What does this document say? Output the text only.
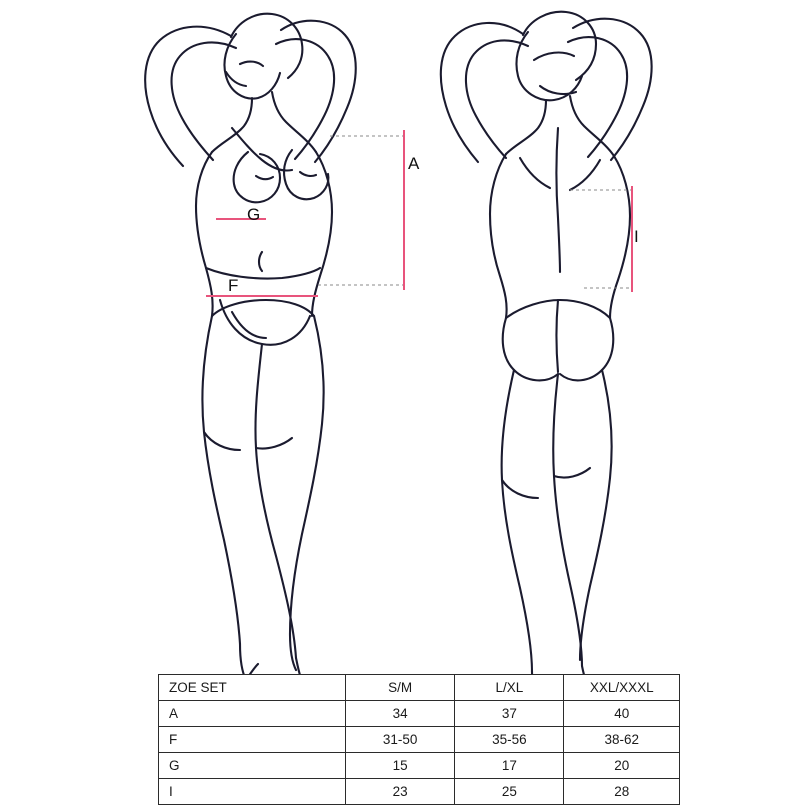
A
G
F
I
ZOE SET	S/M	L/XL	XXL/XXXL
A	34	37	40
F	31-50	35-56	38-62
G	15	17	20
I	23	25	28
